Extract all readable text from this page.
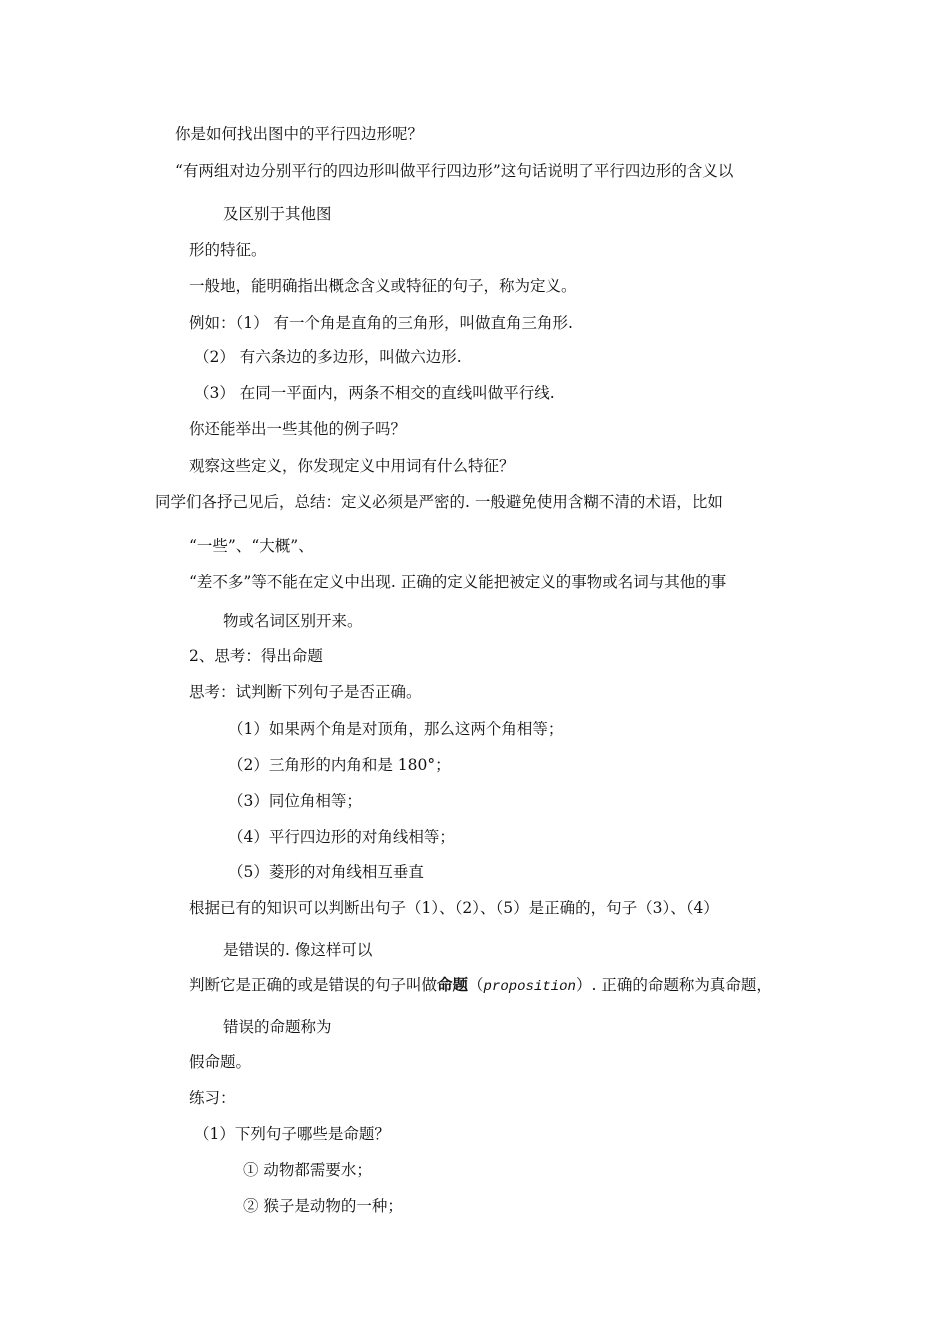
你是如何找出图中的平行四边形呢？
“有两组对边分别平行的四边形叫做平行四边形”这句话说明了平行四边形的含义以
及区别于其他图
形的特征。
一般地，能明确指出概念含义或特征的句子，称为定义。
例如：（1） 有一个角是直角的三角形，叫做直角三角形.
（2） 有六条边的多边形，叫做六边形.
（3） 在同一平面内，两条不相交的直线叫做平行线.
你还能举出一些其他的例子吗？
观察这些定义，你发现定义中用词有什么特征？
同学们各抒己见后，总结：定义必须是严密的. 一般避免使用含糊不清的术语，比如
“一些”、“大概”、
“差不多”等不能在定义中出现. 正确的定义能把被定义的事物或名词与其他的事
物或名词区别开来。
2、思考：得出命题
思考：试判断下列句子是否正确。
（1）如果两个角是对顶角，那么这两个角相等；
（2）三角形的内角和是 180°；
（3）同位角相等；
（4）平行四边形的对角线相等；
（5）菱形的对角线相互垂直
根据已有的知识可以判断出句子（1）、（2）、（5）是正确的，句子（3）、（4）
是错误的. 像这样可以
判断它是正确的或是错误的句子叫做命题（proposition）. 正确的命题称为真命题，
错误的命题称为
假命题。
练习：
（1）下列句子哪些是命题？
① 动物都需要水；
② 猴子是动物的一种；
